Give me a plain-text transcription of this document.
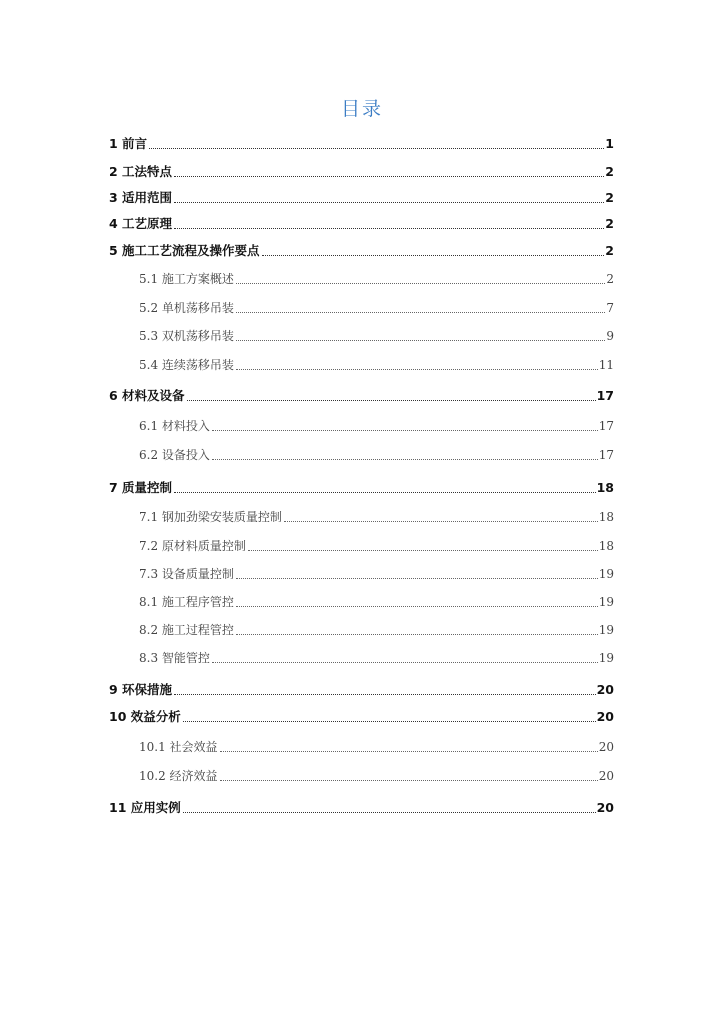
目录
1 前言	1
2 工法特点	2
3 适用范围	2
4 工艺原理	2
5 施工工艺流程及操作要点	2
5.1 施工方案概述	2
5.2 单机荡移吊装	7
5.3 双机荡移吊装	9
5.4 连续荡移吊装	11
6 材料及设备	17
6.1 材料投入	17
6.2 设备投入	17
7 质量控制	18
7.1 钢加劲梁安装质量控制	18
7.2 原材料质量控制	18
7.3 设备质量控制	19
8.1 施工程序管控	19
8.2 施工过程管控	19
8.3 智能管控	19
9 环保措施	20
10 效益分析	20
10.1 社会效益	20
10.2 经济效益	20
11 应用实例	20
